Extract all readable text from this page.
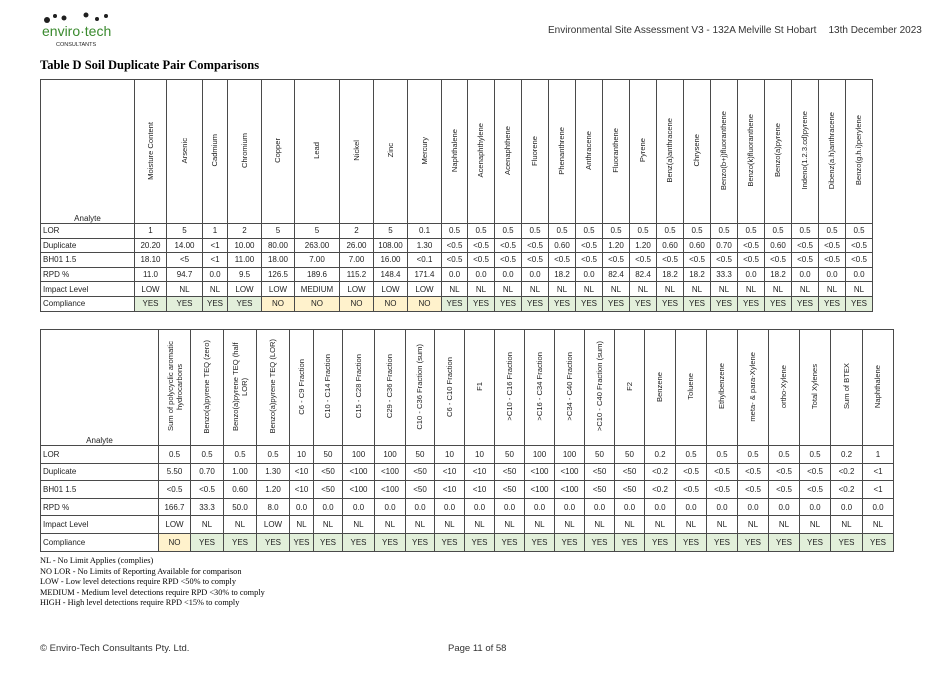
enviro·tech
CONSULTANTS
Environmental Site Assessment V3 - 132A Melville St Hobart 13th December 2023
Table D Soil Duplicate Pair Comparisons
Analyte	Moisture Content	Arsenic	Cadmium	Chromium	Copper	Lead	Nickel	Zinc	Mercury	Naphthalene	Acenaphthylene	Acenaphthene	Fluorene	Phenanthrene	Anthracene	Fluoranthene	Pyrene	Benz(a)anthracene	Chrysene	Benzo(b+j)fluoranthene	Benzo(k)fluoranthene	Benzo(a)pyrene	Indeno(1.2.3.cd)pyrene	Dibenz(a.h)anthracene	Benzo(g.h.i)perylene
LOR	1	5	1	2	5	5	2	5	0.1	0.5	0.5	0.5	0.5	0.5	0.5	0.5	0.5	0.5	0.5	0.5	0.5	0.5	0.5	0.5	0.5
Duplicate	20.20	14.00	<1	10.00	80.00	263.00	26.00	108.00	1.30	<0.5	<0.5	<0.5	<0.5	0.60	<0.5	1.20	1.20	0.60	0.60	0.70	<0.5	0.60	<0.5	<0.5	<0.5
BH01 1.5	18.10	<5	<1	11.00	18.00	7.00	7.00	16.00	<0.1	<0.5	<0.5	<0.5	<0.5	<0.5	<0.5	<0.5	<0.5	<0.5	<0.5	<0.5	<0.5	<0.5	<0.5	<0.5	<0.5
RPD %	11.0	94.7	0.0	9.5	126.5	189.6	115.2	148.4	171.4	0.0	0.0	0.0	0.0	18.2	0.0	82.4	82.4	18.2	18.2	33.3	0.0	18.2	0.0	0.0	0.0
Impact Level	LOW	NL	NL	LOW	LOW	MEDIUM	LOW	LOW	LOW	NL	NL	NL	NL	NL	NL	NL	NL	NL	NL	NL	NL	NL	NL	NL	NL
Compliance	YES	YES	YES	YES	NO	NO	NO	NO	NO	YES	YES	YES	YES	YES	YES	YES	YES	YES	YES	YES	YES	YES	YES	YES	YES
Analyte	Sum of polycyclic aromatic hydrocarbons	Benzo(a)pyrene TEQ (zero)	Benzo(a)pyrene TEQ (half LOR)	Benzo(a)pyrene TEQ (LOR)	C6 - C9 Fraction	C10 - C14 Fraction	C15 - C28 Fraction	C29 - C36 Fraction	C10 - C36 Fraction (sum)	C6 - C10 Fraction	F1	>C10 - C16 Fraction	>C16 - C34 Fraction	>C34 - C40 Fraction	>C10 - C40 Fraction (sum)	F2	Benzene	Toluene	Ethylbenzene	meta- & para-Xylene	ortho-Xylene	Total Xylenes	Sum of BTEX	Naphthalene
LOR	0.5	0.5	0.5	0.5	10	50	100	100	50	10	10	50	100	100	50	50	0.2	0.5	0.5	0.5	0.5	0.5	0.2	1
Duplicate	5.50	0.70	1.00	1.30	<10	<50	<100	<100	<50	<10	<10	<50	<100	<100	<50	<50	<0.2	<0.5	<0.5	<0.5	<0.5	<0.5	<0.2	<1
BH01 1.5	<0.5	<0.5	0.60	1.20	<10	<50	<100	<100	<50	<10	<10	<50	<100	<100	<50	<50	<0.2	<0.5	<0.5	<0.5	<0.5	<0.5	<0.2	<1
RPD %	166.7	33.3	50.0	8.0	0.0	0.0	0.0	0.0	0.0	0.0	0.0	0.0	0.0	0.0	0.0	0.0	0.0	0.0	0.0	0.0	0.0	0.0	0.0	0.0
Impact Level	LOW	NL	NL	LOW	NL	NL	NL	NL	NL	NL	NL	NL	NL	NL	NL	NL	NL	NL	NL	NL	NL	NL	NL	NL
Compliance	NO	YES	YES	YES	YES	YES	YES	YES	YES	YES	YES	YES	YES	YES	YES	YES	YES	YES	YES	YES	YES	YES	YES	YES
NL - No Limit Applies (complies)
NO LOR - No Limits of Reporting Available for comparison
LOW - Low level detections require RPD <50% to comply
MEDIUM - Medium level detections require RPD <30% to comply
HIGH - High level detections require RPD <15% to comply
© Enviro-Tech Consultants Pty. Ltd.	Page 11 of 58
